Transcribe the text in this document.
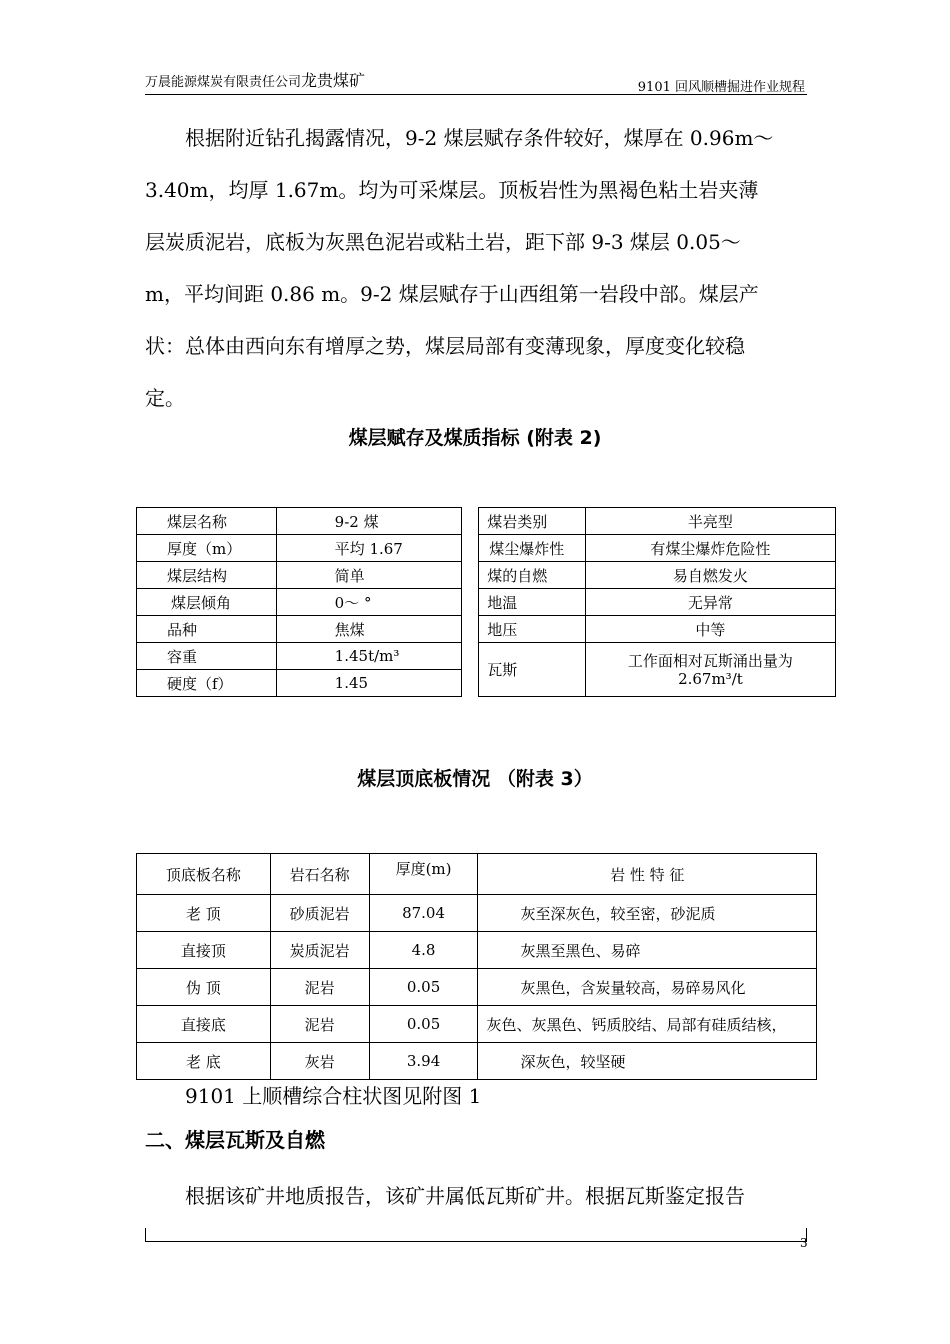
万晨能源煤炭有限责任公司龙贵煤矿	9101 回风顺槽掘进作业规程
根据附近钻孔揭露情况，9-2 煤层赋存条件较好，煤厚在 0.96m～
3.40m，均厚 1.67m。均为可采煤层。顶板岩性为黑褐色粘土岩夹薄
层炭质泥岩，底板为灰黑色泥岩或粘土岩，距下部 9-3 煤层 0.05～
m，平均间距 0.86 m。9-2 煤层赋存于山西组第一岩段中部。煤层产
状：总体由西向东有增厚之势，煤层局部有变薄现象，厚度变化较稳
定。
煤层赋存及煤质指标 (附表 2)
煤层名称	9-2 煤		煤岩类别	半亮型
厚度（m）	平均 1.67		煤尘爆炸性	有煤尘爆炸危险性
煤层结构	简单		煤的自燃	易自燃发火
煤层倾角	0～ °		地温	无异常
品种	焦煤		地压	中等
容重	1.45t/m³		瓦斯	工作面相对瓦斯涌出量为
2.67m³/t
硬度（f）	1.45			
煤层顶底板情况 （附表 3）
顶底板名称	岩石名称	厚度(m)	岩 性 特 征
老 顶	砂质泥岩	87.04	灰至深灰色，较至密，砂泥质
直接顶	炭质泥岩	4.8	灰黑至黑色、易碎
伪 顶	泥岩	0.05	灰黑色，含炭量较高，易碎易风化
直接底	泥岩	0.05	灰色、灰黑色、钙质胶结、局部有硅质结核，
老 底	灰岩	3.94	深灰色，较坚硬
9101 上顺槽综合柱状图见附图 1
二、煤层瓦斯及自燃
根据该矿井地质报告，该矿井属低瓦斯矿井。根据瓦斯鉴定报告
3
